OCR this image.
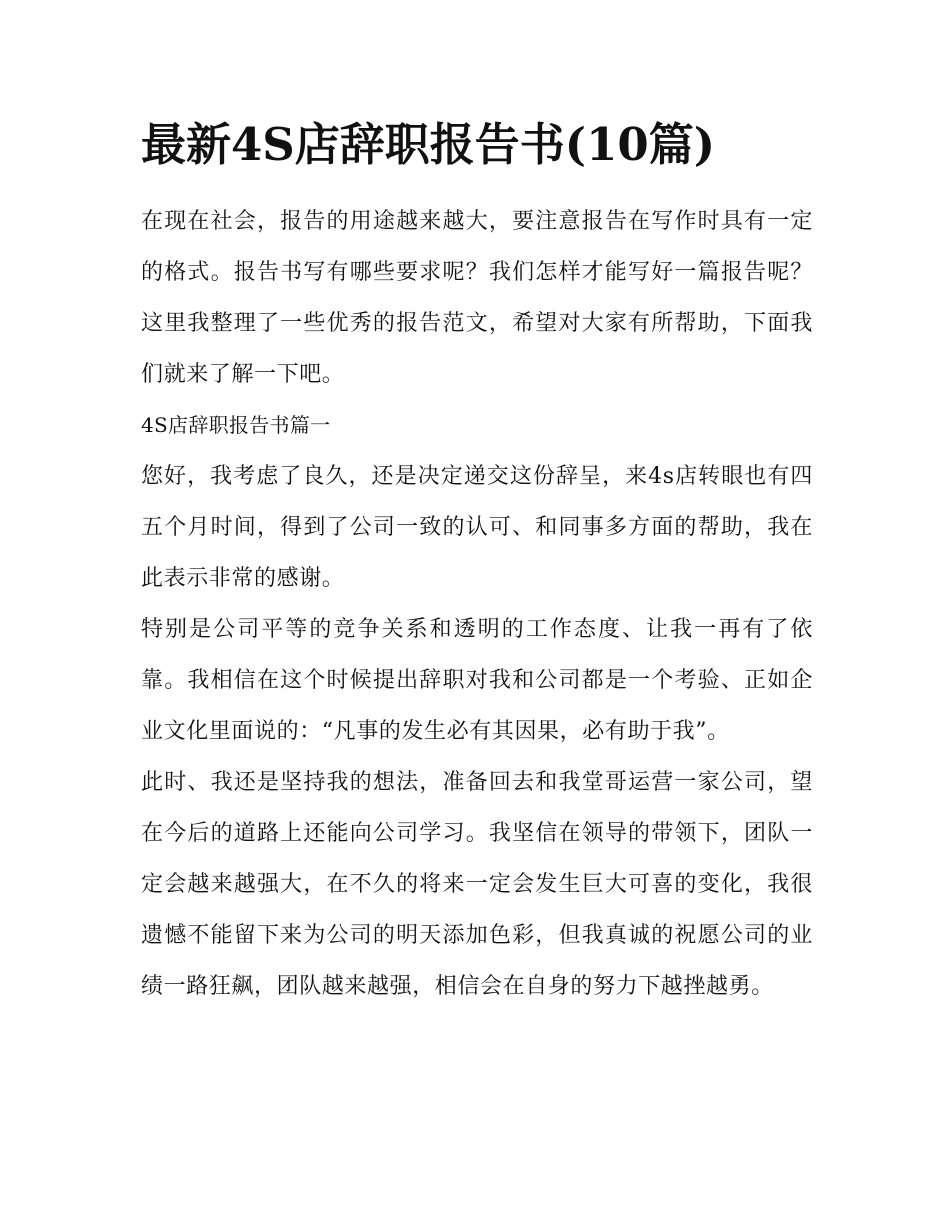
最新4S店辞职报告书(10篇)

在现在社会，报告的用途越来越大，要注意报告在写作时具有一定的格式。报告书写有哪些要求呢？我们怎样才能写好一篇报告呢？这里我整理了一些优秀的报告范文，希望对大家有所帮助，下面我们就来了解一下吧。

4S店辞职报告书篇一

您好，我考虑了良久，还是决定递交这份辞呈，来4s店转眼也有四五个月时间，得到了公司一致的认可、和同事多方面的帮助，我在此表示非常的感谢。

特别是公司平等的竞争关系和透明的工作态度、让我一再有了依靠。我相信在这个时候提出辞职对我和公司都是一个考验、正如企业文化里面说的：“凡事的发生必有其因果，必有助于我”。

此时、我还是坚持我的想法，准备回去和我堂哥运营一家公司，望在今后的道路上还能向公司学习。我坚信在领导的带领下，团队一定会越来越强大，在不久的将来一定会发生巨大可喜的变化，我很遗憾不能留下来为公司的明天添加色彩，但我真诚的祝愿公司的业绩一路狂飙，团队越来越强，相信会在自身的努力下越挫越勇。
